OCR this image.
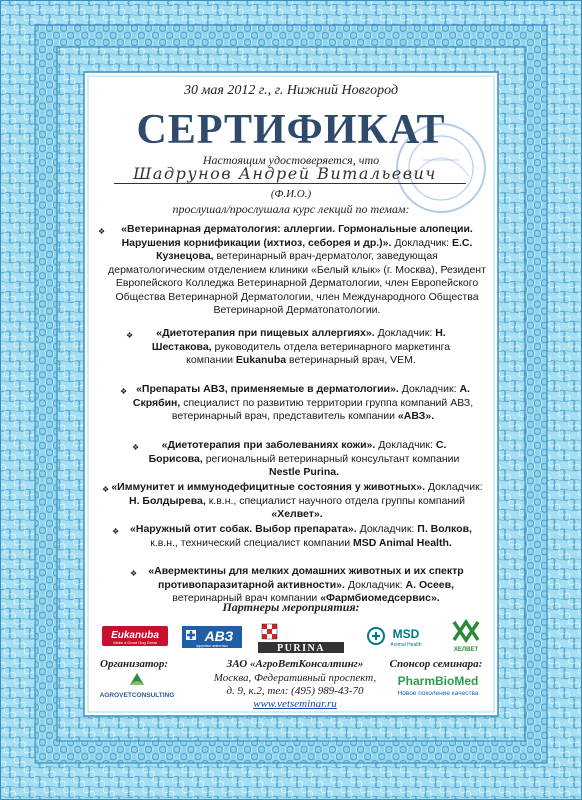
30 мая 2012 г., г. Нижний Новгород
СЕРТИФИКАТ
Настоящим удостоверяется, что
Шадрунов Андрей Витальевич
(Ф.И.О.)
прослушал/прослушала курс лекций по темам:
❖	«Ветеринарная дерматология: аллергии. Гормональные алопеции. Нарушения корнификации (ихтиоз, себорея и др.)». Докладчик: Е.С. Кузнецова, ветеринарный врач-дерматолог, заведующая дерматологическим отделением клиники «Белый клык» (г. Москва), Резидент Европейского Колледжа Ветеринарной Дерматологии, член Европейского Общества Ветеринарной Дерматологии, член Международного Общества Ветеринарной Дерматопатологии.
❖	«Диетотерапия при пищевых аллергиях». Докладчик: Н. Шестакова, руководитель отдела ветеринарного маркетинга компании Eukanuba ветеринарный врач, VEM.
❖ «Препараты АВЗ, применяемые в дерматологии». Докладчик: А. Скрябин, специалист по развитию территории группа компаний АВЗ, ветеринарный врач, представитель компании «АВЗ».
❖	«Диетотерапия при заболеваниях кожи». Докладчик: С. Борисова, региональный ветеринарный консультант компании Nestle Purina.
❖ «Иммунитет и иммунодефицитные состояния у животных». Докладчик: Н. Болдырева, к.в.н., специалист научного отдела группы компаний «Хелвет».
❖	«Наружный отит собак. Выбор препарата». Докладчик: П. Волков, к.в.н., технический специалист компании MSD Animal Health.
❖	«Авермектины для мелких домашних животных и их спектр противопаразитарной активности». Докладчик: А. Осеев, ветеринарный врач компании «Фармбиомедсервис».
Партнеры мероприятия:
Eukanuba
Make a Good Dog Great	АВЗ
здоровье животных	PURINA
MSD
Animal Health
ХЕЛВЕТ
Организатор:
AGROVETCONSULTING
ЗАО «АгроВетКонсалтинг»
Москва, Федеративный проспект,
д. 9, к.2, тел: (495) 989-43-70
www.vetseminar.ru
Спонсор семинара:
PharmBioMed
Новое поколение качества
